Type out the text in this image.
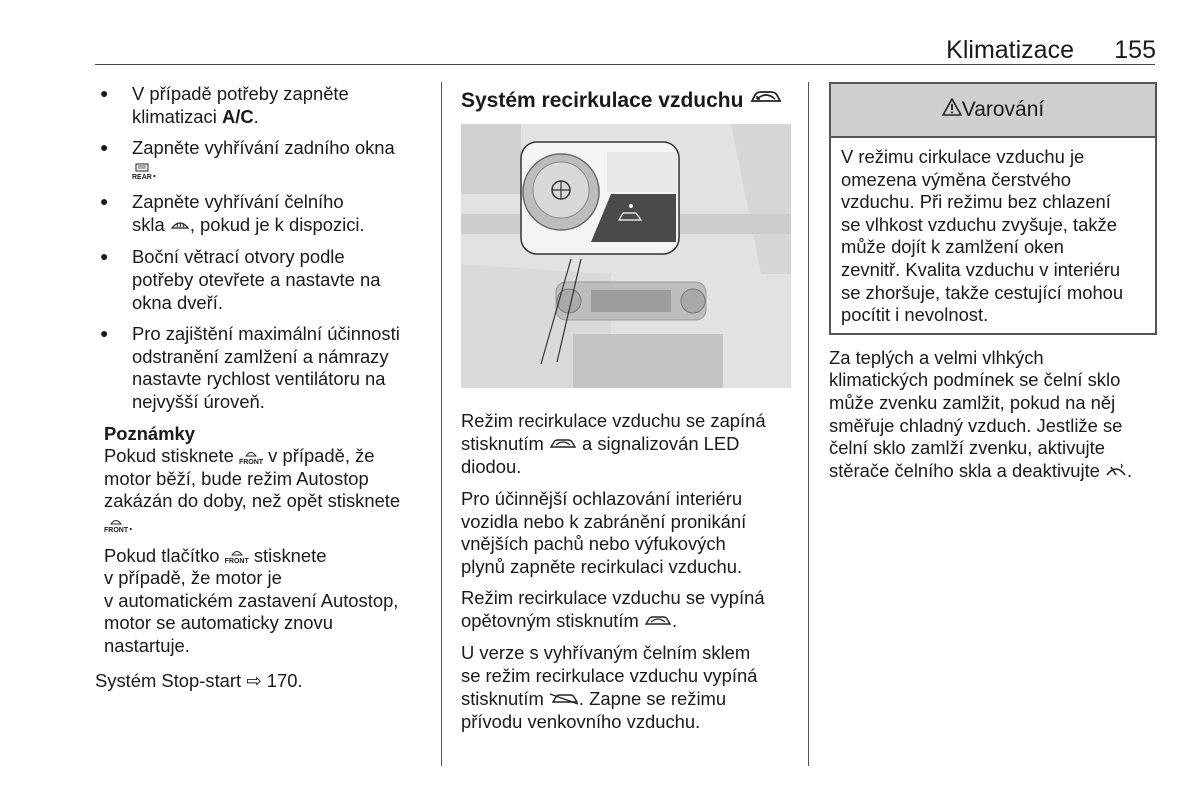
Klimatizace 155
● V případě potřeby zapněte
klimatizaci A/C.
● Zapněte vyhřívání zadního okna

REAR.
● Zapněte vyhřívání čelního
skla , pokud je k dispozici.
● Boční větrací otvory podle
potřeby otevřete a nastavte na
okna dveří.
● Pro zajištění maximální účinnosti
odstranění zamlžení a námrazy
nastavte rychlost ventilátoru na
nejvyšší úroveň.
Poznámky

Pokud stisknete
FRONT v případě, že
motor běží, bude režim Autostop
zakázán do doby, než opět stisknete

FRONT.

Pokud tlačítko
FRONT stisknete
v případě, že motor je
v automatickém zastavení Autostop,
motor se automaticky znovu
nastartuje.

Systém Stop-start ⇨ 170.

Systém recirkulace vzduchu

Režim recirkulace vzduchu se zapíná
stisknutím  a signalizován LED
diodou.

Pro účinnější ochlazování interiéru
vozidla nebo k zabránění pronikání
vnějších pachů nebo výfukových
plynů zapněte recirkulaci vzduchu.

Režim recirkulace vzduchu se vypíná
opětovným stisknutím .

U verze s vyhřívaným čelním sklem
se režim recirkulace vzduchu vypíná
stisknutím . Zapne se režimu
přívodu venkovního vzduchu.

Varování
V režimu cirkulace vzduchu je
omezena výměna čerstvého
vzduchu. Při režimu bez chlazení
se vlhkost vzduchu zvyšuje, takže
může dojít k zamlžení oken
zevnitř. Kvalita vzduchu v interiéru
se zhoršuje, takže cestující mohou
pocítit i nevolnost.

Za teplých a velmi vlhkých
klimatických podmínek se čelní sklo
může zvenku zamlžit, pokud na něj
směřuje chladný vzduch. Jestliže se
čelní sklo zamlží zvenku, aktivujte
stěrače čelního skla a deaktivujte .
